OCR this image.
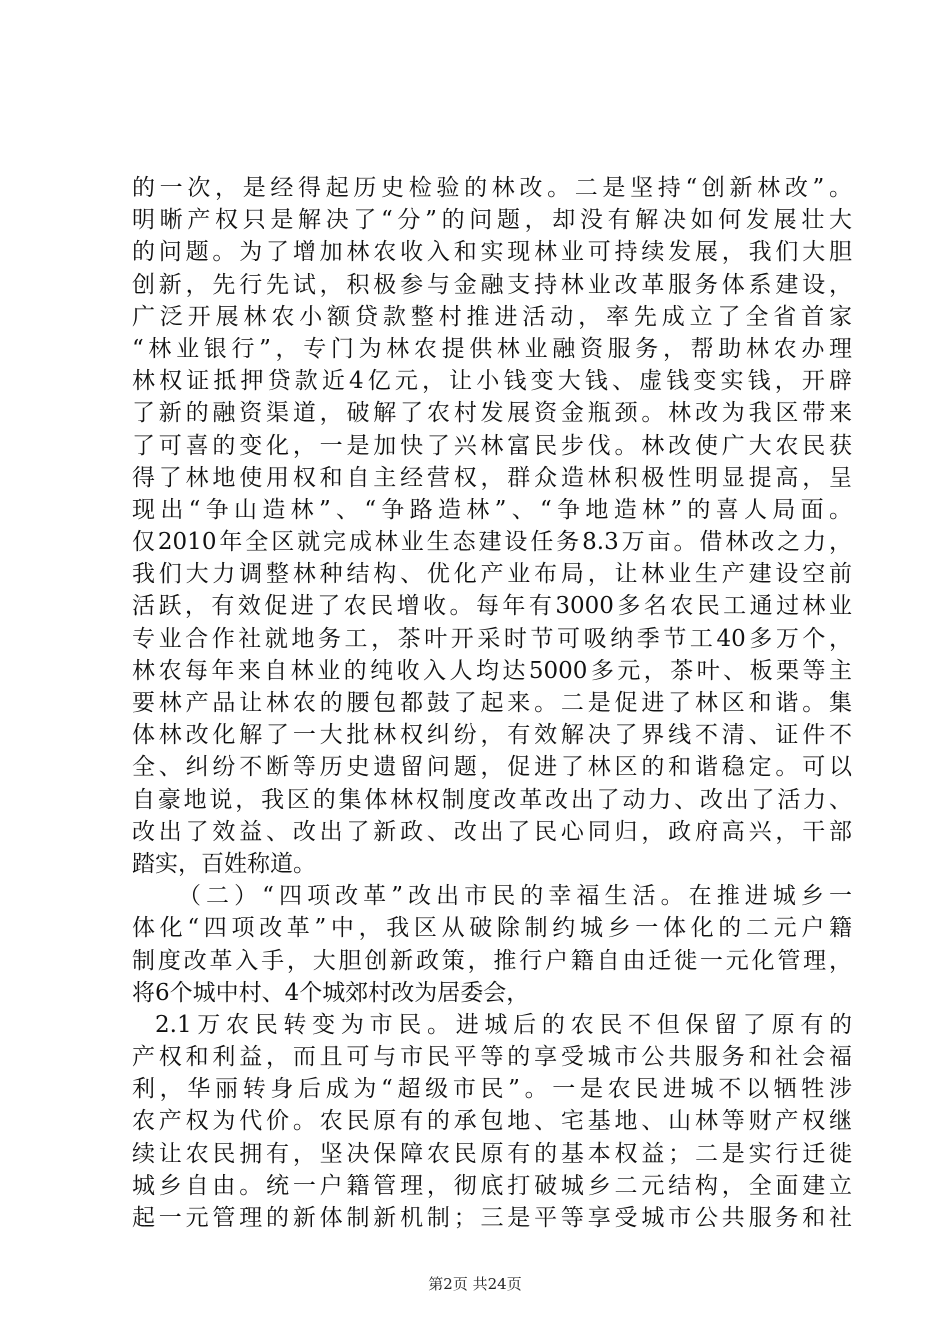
的一次，是经得起历史检验的林改。二是坚持“创新林改”。
明晰产权只是解决了“分”的问题，却没有解决如何发展壮大
的问题。为了增加林农收入和实现林业可持续发展，我们大胆
创新，先行先试，积极参与金融支持林业改革服务体系建设，
广泛开展林农小额贷款整村推进活动，率先成立了全省首家
“林业银行”，专门为林农提供林业融资服务，帮助林农办理
林权证抵押贷款近4亿元，让小钱变大钱、虚钱变实钱，开辟
了新的融资渠道，破解了农村发展资金瓶颈。林改为我区带来
了可喜的变化，一是加快了兴林富民步伐。林改使广大农民获
得了林地使用权和自主经营权，群众造林积极性明显提高，呈
现出“争山造林”、“争路造林”、“争地造林”的喜人局面。
仅2010年全区就完成林业生态建设任务8.3万亩。借林改之力，
我们大力调整林种结构、优化产业布局，让林业生产建设空前
活跃，有效促进了农民增收。每年有3000多名农民工通过林业
专业合作社就地务工，茶叶开采时节可吸纳季节工40多万个，
林农每年来自林业的纯收入人均达5000多元，茶叶、板栗等主
要林产品让林农的腰包都鼓了起来。二是促进了林区和谐。集
体林改化解了一大批林权纠纷，有效解决了界线不清、证件不
全、纠纷不断等历史遗留问题，促进了林区的和谐稳定。可以
自豪地说，我区的集体林权制度改革改出了动力、改出了活力、
改出了效益、改出了新政、改出了民心同归，政府高兴，干部
踏实，百姓称道。
（二）“四项改革”改出市民的幸福生活。在推进城乡一
体化“四项改革”中，我区从破除制约城乡一体化的二元户籍
制度改革入手，大胆创新政策，推行户籍自由迁徙一元化管理，
将6个城中村、4个城郊村改为居委会，
2.1万农民转变为市民。进城后的农民不但保留了原有的
产权和利益，而且可与市民平等的享受城市公共服务和社会福
利，华丽转身后成为“超级市民”。一是农民进城不以牺牲涉
农产权为代价。农民原有的承包地、宅基地、山林等财产权继
续让农民拥有，坚决保障农民原有的基本权益；二是实行迁徙
城乡自由。统一户籍管理，彻底打破城乡二元结构，全面建立
起一元管理的新体制新机制；三是平等享受城市公共服务和社
第2页 共24页
